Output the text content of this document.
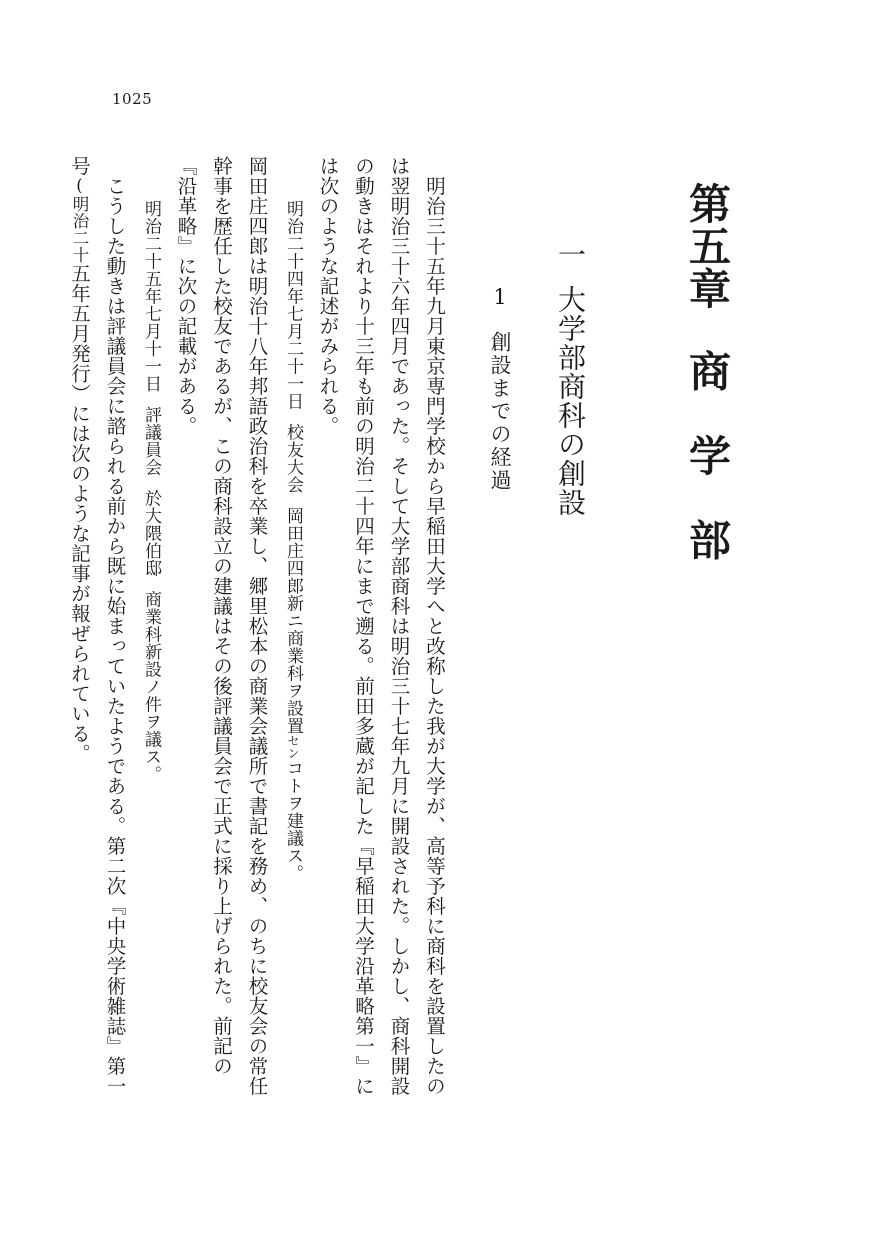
1025
第五章商学部
一大学部商科の創設
1創設までの経過

明治三十五年九月東京専門学校から早稲田大学へと改称した我が大学が、高等予科に商科を設置したのは翌明治三十六年四月であった。そして大学部商科は明治三十七年九月に開設された。しかし、商科開設の動きはそれより十三年も前の明治二十四年にまで遡る。前田多蔵が記した『早稲田大学沿革略第一』には次のような記述がみられる。

明治二十四年七月二十一日校友大会岡田庄四郎新ニ商業科ヲ設置センコトヲ建議ス。

岡田庄四郎は明治十八年邦語政治科を卒業し、郷里松本の商業会議所で書記を務め、のちに校友会の常任幹事を歴任した校友であるが、この商科設立の建議はその後評議員会で正式に採り上げられた。前記の『沿革略』に次の記載がある。

明治二十五年七月十一日評議員会於大隈伯邸商業科新設ノ件ヲ議ス。

こうした動きは評議員会に諮られる前から既に始まっていたようである。第二次『中央学術雑誌』第一号(明治二十五年五月発行）には次のような記事が報ぜられている。
